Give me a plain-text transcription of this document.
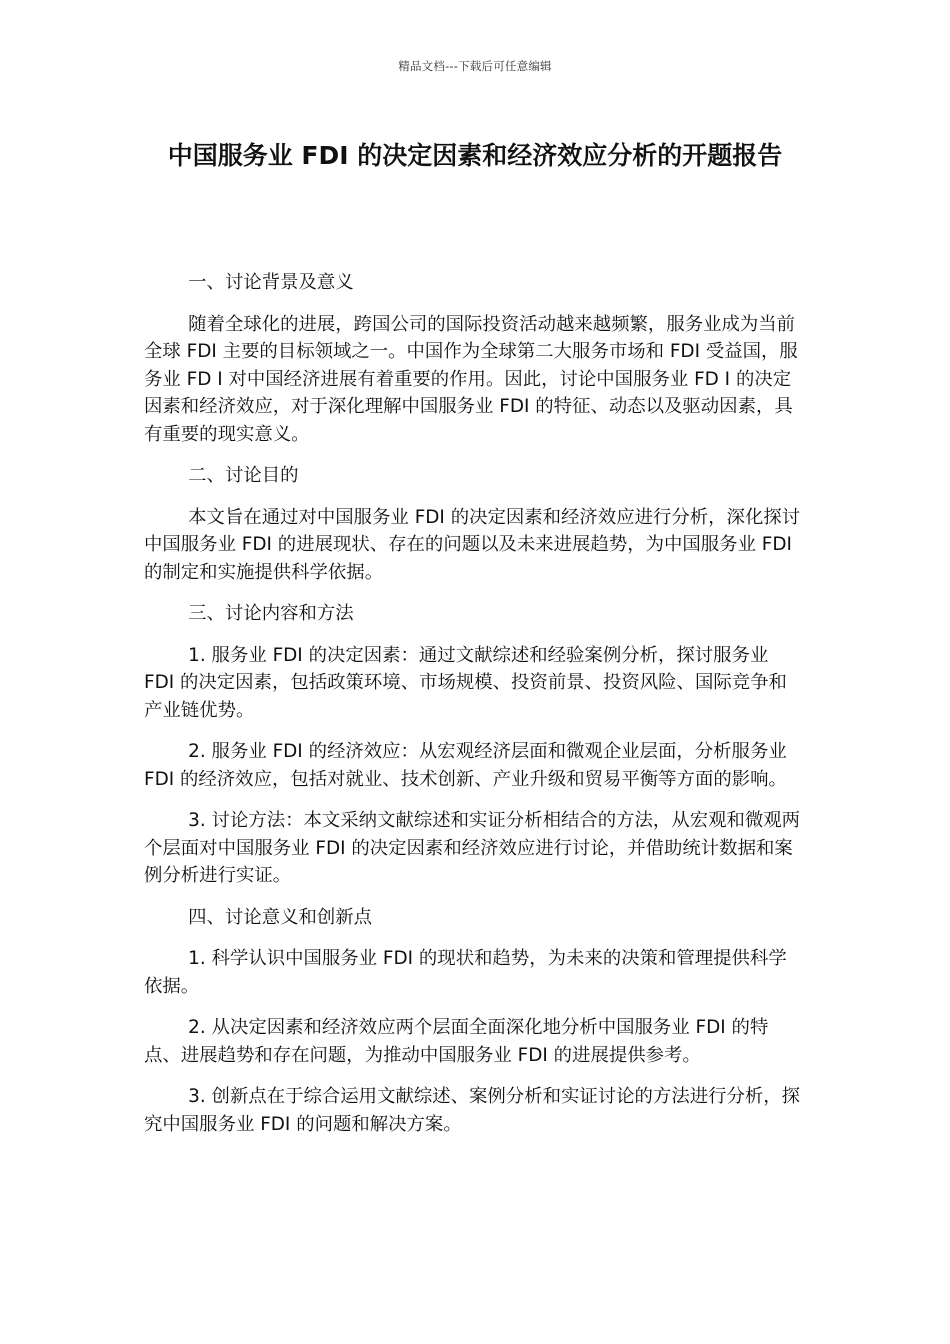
精品文档---下载后可任意编辑
中国服务业 FDI 的决定因素和经济效应分析的开题报告

一、讨论背景及意义

随着全球化的进展，跨国公司的国际投资活动越来越频繁，服务业成为当前全球 FDI 主要的目标领域之一。中国作为全球第二大服务市场和 FDI 受益国，服务业 FD I 对中国经济进展有着重要的作用。因此，讨论中国服务业 FD I 的决定因素和经济效应，对于深化理解中国服务业 FDI 的特征、动态以及驱动因素，具有重要的现实意义。

二、讨论目的

本文旨在通过对中国服务业 FDI 的决定因素和经济效应进行分析，深化探讨中国服务业 FDI 的进展现状、存在的问题以及未来进展趋势，为中国服务业 FDI 的制定和实施提供科学依据。

三、讨论内容和方法

1. 服务业 FDI 的决定因素：通过文献综述和经验案例分析，探讨服务业 FDI 的决定因素，包括政策环境、市场规模、投资前景、投资风险、国际竞争和产业链优势。

2. 服务业 FDI 的经济效应：从宏观经济层面和微观企业层面，分析服务业 FDI 的经济效应，包括对就业、技术创新、产业升级和贸易平衡等方面的影响。

3. 讨论方法：本文采纳文献综述和实证分析相结合的方法，从宏观和微观两个层面对中国服务业 FDI 的决定因素和经济效应进行讨论，并借助统计数据和案例分析进行实证。

四、讨论意义和创新点

1. 科学认识中国服务业 FDI 的现状和趋势，为未来的决策和管理提供科学依据。

2. 从决定因素和经济效应两个层面全面深化地分析中国服务业 FDI 的特点、进展趋势和存在问题，为推动中国服务业 FDI 的进展提供参考。

3. 创新点在于综合运用文献综述、案例分析和实证讨论的方法进行分析，探究中国服务业 FDI 的问题和解决方案。
